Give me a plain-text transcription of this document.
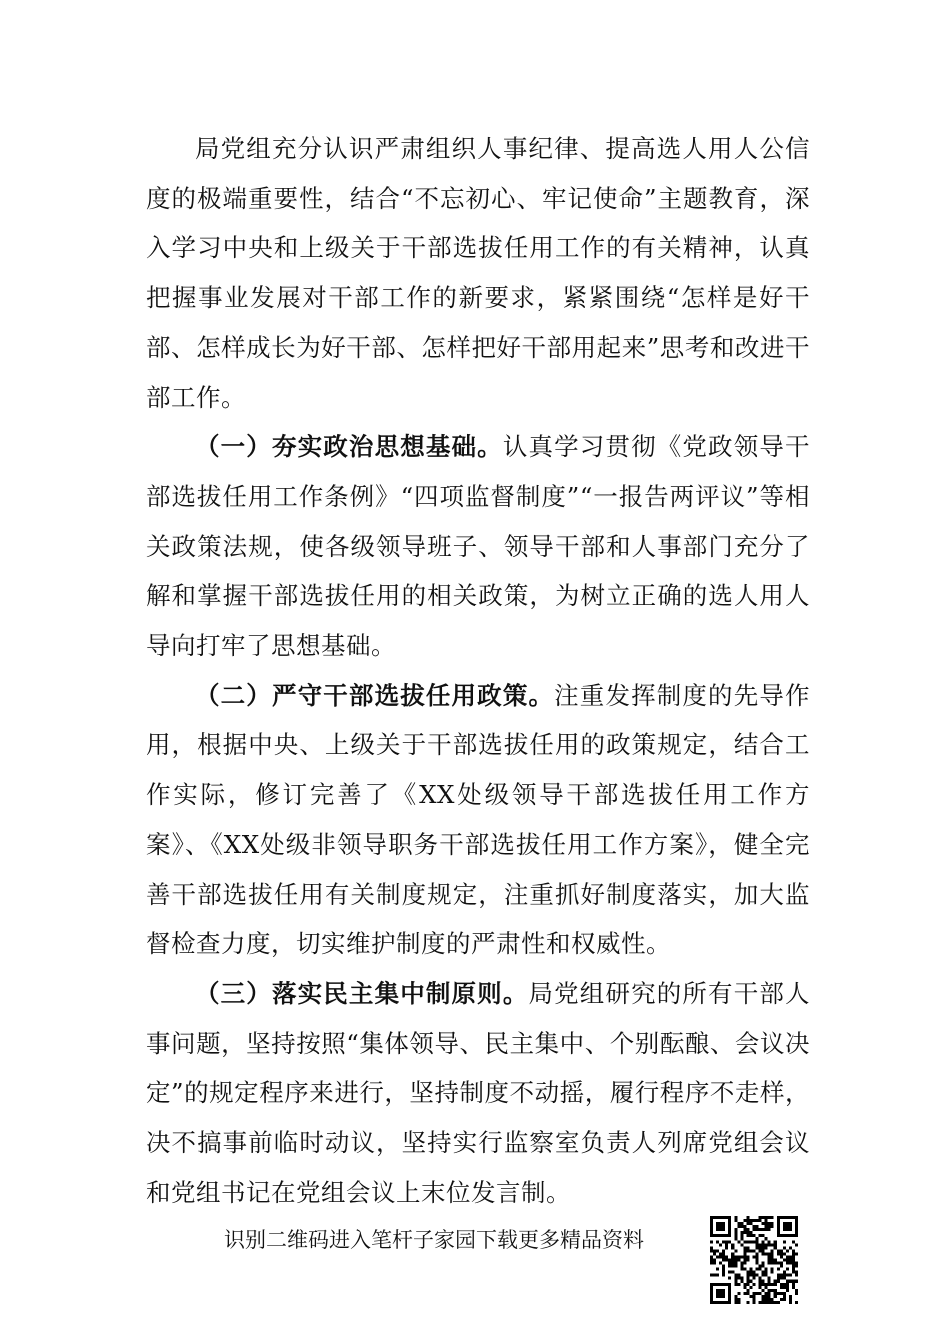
局党组充分认识严肃组织人事纪律、提高选人用人公信度的极端重要性，结合“不忘初心、牢记使命”主题教育，深入学习中央和上级关于干部选拔任用工作的有关精神，认真把握事业发展对干部工作的新要求，紧紧围绕“怎样是好干部、怎样成长为好干部、怎样把好干部用起来”思考和改进干部工作。

（一）夯实政治思想基础。认真学习贯彻《党政领导干部选拔任用工作条例》“四项监督制度”“一报告两评议”等相关政策法规，使各级领导班子、领导干部和人事部门充分了解和掌握干部选拔任用的相关政策，为树立正确的选人用人导向打牢了思想基础。

（二）严守干部选拔任用政策。注重发挥制度的先导作用，根据中央、上级关于干部选拔任用的政策规定，结合工作实际，修订完善了《XX处级领导干部选拔任用工作方案》、《XX处级非领导职务干部选拔任用工作方案》，健全完善干部选拔任用有关制度规定，注重抓好制度落实，加大监督检查力度，切实维护制度的严肃性和权威性。

（三）落实民主集中制原则。局党组研究的所有干部人事问题，坚持按照“集体领导、民主集中、个别酝酿、会议决定”的规定程序来进行，坚持制度不动摇，履行程序不走样，决不搞事前临时动议，坚持实行监察室负责人列席党组会议和党组书记在党组会议上末位发言制。

识别二维码进入笔杆子家园下载更多精品资料
